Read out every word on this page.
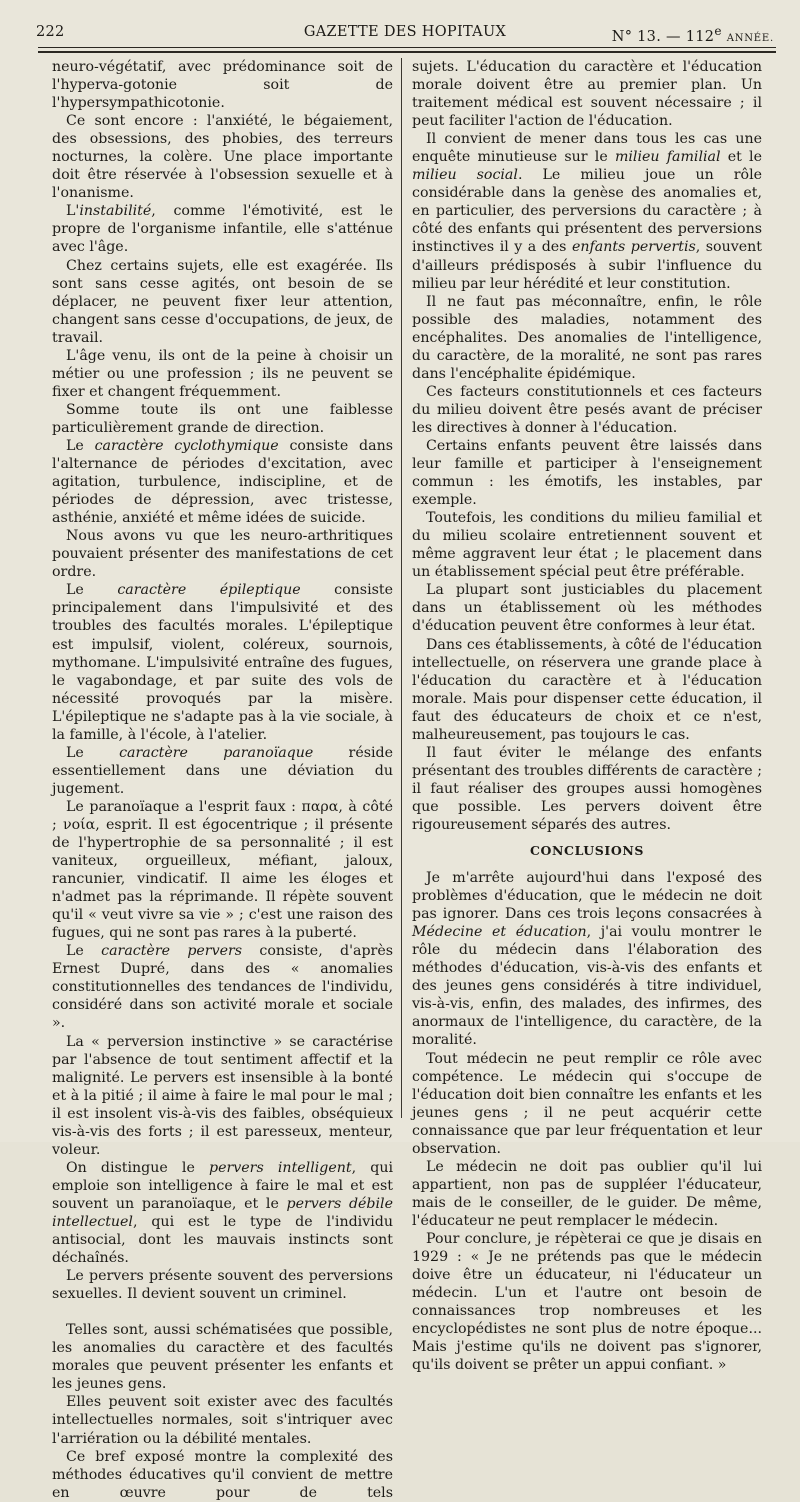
222	GAZETTE DES HOPITAUX	N° 13. — 112e ANNÉE.

neuro-végétatif, avec prédominance soit de l'hyperva-gotonie soit de l'hypersympathicotonie.

Ce sont encore : l'anxiété, le bégaiement, des obsessions, des phobies, des terreurs nocturnes, la colère. Une place importante doit être réservée à l'obsession sexuelle et à l'onanisme.

L'instabilité, comme l'émotivité, est le propre de l'organisme infantile, elle s'atténue avec l'âge.

Chez certains sujets, elle est exagérée. Ils sont sans cesse agités, ont besoin de se déplacer, ne peuvent fixer leur attention, changent sans cesse d'occupations, de jeux, de travail.

L'âge venu, ils ont de la peine à choisir un métier ou une profession ; ils ne peuvent se fixer et changent fréquemment.

Somme toute ils ont une faiblesse particulièrement grande de direction.

Le caractère cyclothymique consiste dans l'alternance de périodes d'excitation, avec agitation, turbulence, indiscipline, et de périodes de dépression, avec tristesse, asthénie, anxiété et même idées de suicide.

Nous avons vu que les neuro-arthritiques pouvaient présenter des manifestations de cet ordre.

Le caractère épileptique consiste principalement dans l'impulsivité et des troubles des facultés morales. L'épileptique est impulsif, violent, coléreux, sournois, mythomane. L'impulsivité entraîne des fugues, le vagabondage, et par suite des vols de nécessité provoqués par la misère. L'épileptique ne s'adapte pas à la vie sociale, à la famille, à l'école, à l'atelier.

Le caractère paranoïaque réside essentiellement dans une déviation du jugement.

Le paranoïaque a l'esprit faux : παρα, à côté ; νοία, esprit. Il est égocentrique ; il présente de l'hypertrophie de sa personnalité ; il est vaniteux, orgueilleux, méfiant, jaloux, rancunier, vindicatif. Il aime les éloges et n'admet pas la réprimande. Il répète souvent qu'il « veut vivre sa vie » ; c'est une raison des fugues, qui ne sont pas rares à la puberté.

Le caractère pervers consiste, d'après Ernest Dupré, dans des « anomalies constitutionnelles des tendances de l'individu, considéré dans son activité morale et sociale ».

La « perversion instinctive » se caractérise par l'absence de tout sentiment affectif et la malignité. Le pervers est insensible à la bonté et à la pitié ; il aime à faire le mal pour le mal ; il est insolent vis-à-vis des faibles, obséquieux vis-à-vis des forts ; il est paresseux, menteur, voleur.

On distingue le pervers intelligent, qui emploie son intelligence à faire le mal et est souvent un paranoïaque, et le pervers débile intellectuel, qui est le type de l'individu antisocial, dont les mauvais instincts sont déchaînés.

Le pervers présente souvent des perversions sexuelles. Il devient souvent un criminel.

Telles sont, aussi schématisées que possible, les anomalies du caractère et des facultés morales que peuvent présenter les enfants et les jeunes gens.

Elles peuvent soit exister avec des facultés intellectuelles normales, soit s'intriquer avec l'arriération ou la débilité mentales.

Ce bref exposé montre la complexité des méthodes éducatives qu'il convient de mettre en œuvre pour de tels

sujets. L'éducation du caractère et l'éducation morale doivent être au premier plan. Un traitement médical est souvent nécessaire ; il peut faciliter l'action de l'éducation.

Il convient de mener dans tous les cas une enquête minutieuse sur le milieu familial et le milieu social. Le milieu joue un rôle considérable dans la genèse des anomalies et, en particulier, des perversions du caractère ; à côté des enfants qui présentent des perversions instinctives il y a des enfants pervertis, souvent d'ailleurs prédisposés à subir l'influence du milieu par leur hérédité et leur constitution.

Il ne faut pas méconnaître, enfin, le rôle possible des maladies, notamment des encéphalites. Des anomalies de l'intelligence, du caractère, de la moralité, ne sont pas rares dans l'encéphalite épidémique.

Ces facteurs constitutionnels et ces facteurs du milieu doivent être pesés avant de préciser les directives à donner à l'éducation.

Certains enfants peuvent être laissés dans leur famille et participer à l'enseignement commun : les émotifs, les instables, par exemple.

Toutefois, les conditions du milieu familial et du milieu scolaire entretiennent souvent et même aggravent leur état ; le placement dans un établissement spécial peut être préférable.

La plupart sont justiciables du placement dans un établissement où les méthodes d'éducation peuvent être conformes à leur état.

Dans ces établissements, à côté de l'éducation intellectuelle, on réservera une grande place à l'éducation du caractère et à l'éducation morale. Mais pour dispenser cette éducation, il faut des éducateurs de choix et ce n'est, malheureusement, pas toujours le cas.

Il faut éviter le mélange des enfants présentant des troubles différents de caractère ; il faut réaliser des groupes aussi homogènes que possible. Les pervers doivent être rigoureusement séparés des autres.

CONCLUSIONS

Je m'arrête aujourd'hui dans l'exposé des problèmes d'éducation, que le médecin ne doit pas ignorer. Dans ces trois leçons consacrées à Médecine et éducation, j'ai voulu montrer le rôle du médecin dans l'élaboration des méthodes d'éducation, vis-à-vis des enfants et des jeunes gens considérés à titre individuel, vis-à-vis, enfin, des malades, des infirmes, des anormaux de l'intelligence, du caractère, de la moralité.

Tout médecin ne peut remplir ce rôle avec compétence. Le médecin qui s'occupe de l'éducation doit bien connaître les enfants et les jeunes gens ; il ne peut acquérir cette connaissance que par leur fréquentation et leur observation.

Le médecin ne doit pas oublier qu'il lui appartient, non pas de suppléer l'éducateur, mais de le conseiller, de le guider. De même, l'éducateur ne peut remplacer le médecin.

Pour conclure, je répèterai ce que je disais en 1929 : « Je ne prétends pas que le médecin doive être un éducateur, ni l'éducateur un médecin. L'un et l'autre ont besoin de connaissances trop nombreuses et les encyclopédistes ne sont plus de notre époque... Mais j'estime qu'ils ne doivent pas s'ignorer, qu'ils doivent se prêter un appui confiant. »
